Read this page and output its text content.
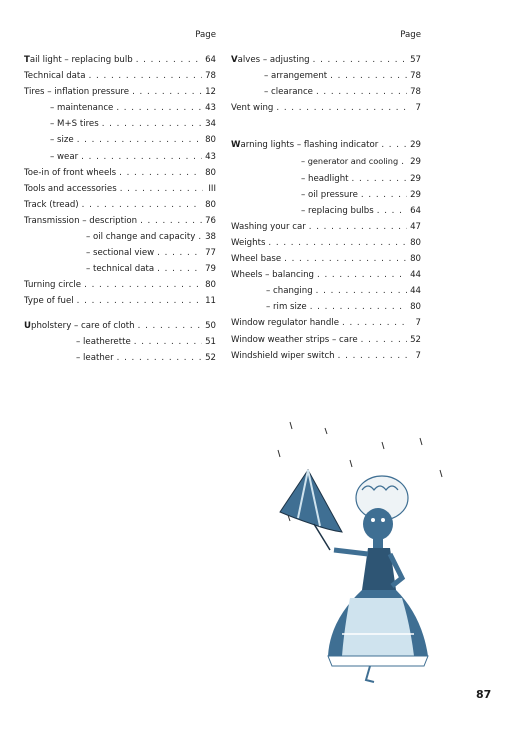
Page
Tail light – replacing bulb . . .	64
Technical data . . .	78
Tires – inflation pressure . . .	12
– maintenance . . .	43
– M+S tires . . .	34
– size . . .	80
– wear . . .	43
Toe-in of front wheels . . .	80
Tools and accessories . . .	III
Track (tread) . . .	80
Transmission – description . . .	76
– oil change and capacity . . . 38
– sectional view . . .	77
– technical data . . .	79
Turning circle . . .	80
Type of fuel . . .	11
Upholstery – care of cloth . . .	50
– leatherette . . .	51
– leather . . .	52
Page
Valves – adjusting . . .	57
– arrangement . . .	78
– clearance . . .	78
Vent wing . . .	7
Warning lights – flashing indicator . . .	29
– generator and cooling . . . 29
– headlight . . .	29
– oil pressure . . .	29
– replacing bulbs . . .	64
Washing your car . . .	47
Weights . . .	80
Wheel base . . .	80
Wheels – balancing . . .	44
– changing . . .	44
– rim size . . .	80
Window regulator handle . . .	7
Window weather strips – care . . .	52
Windshield wiper switch . . .	7
87
